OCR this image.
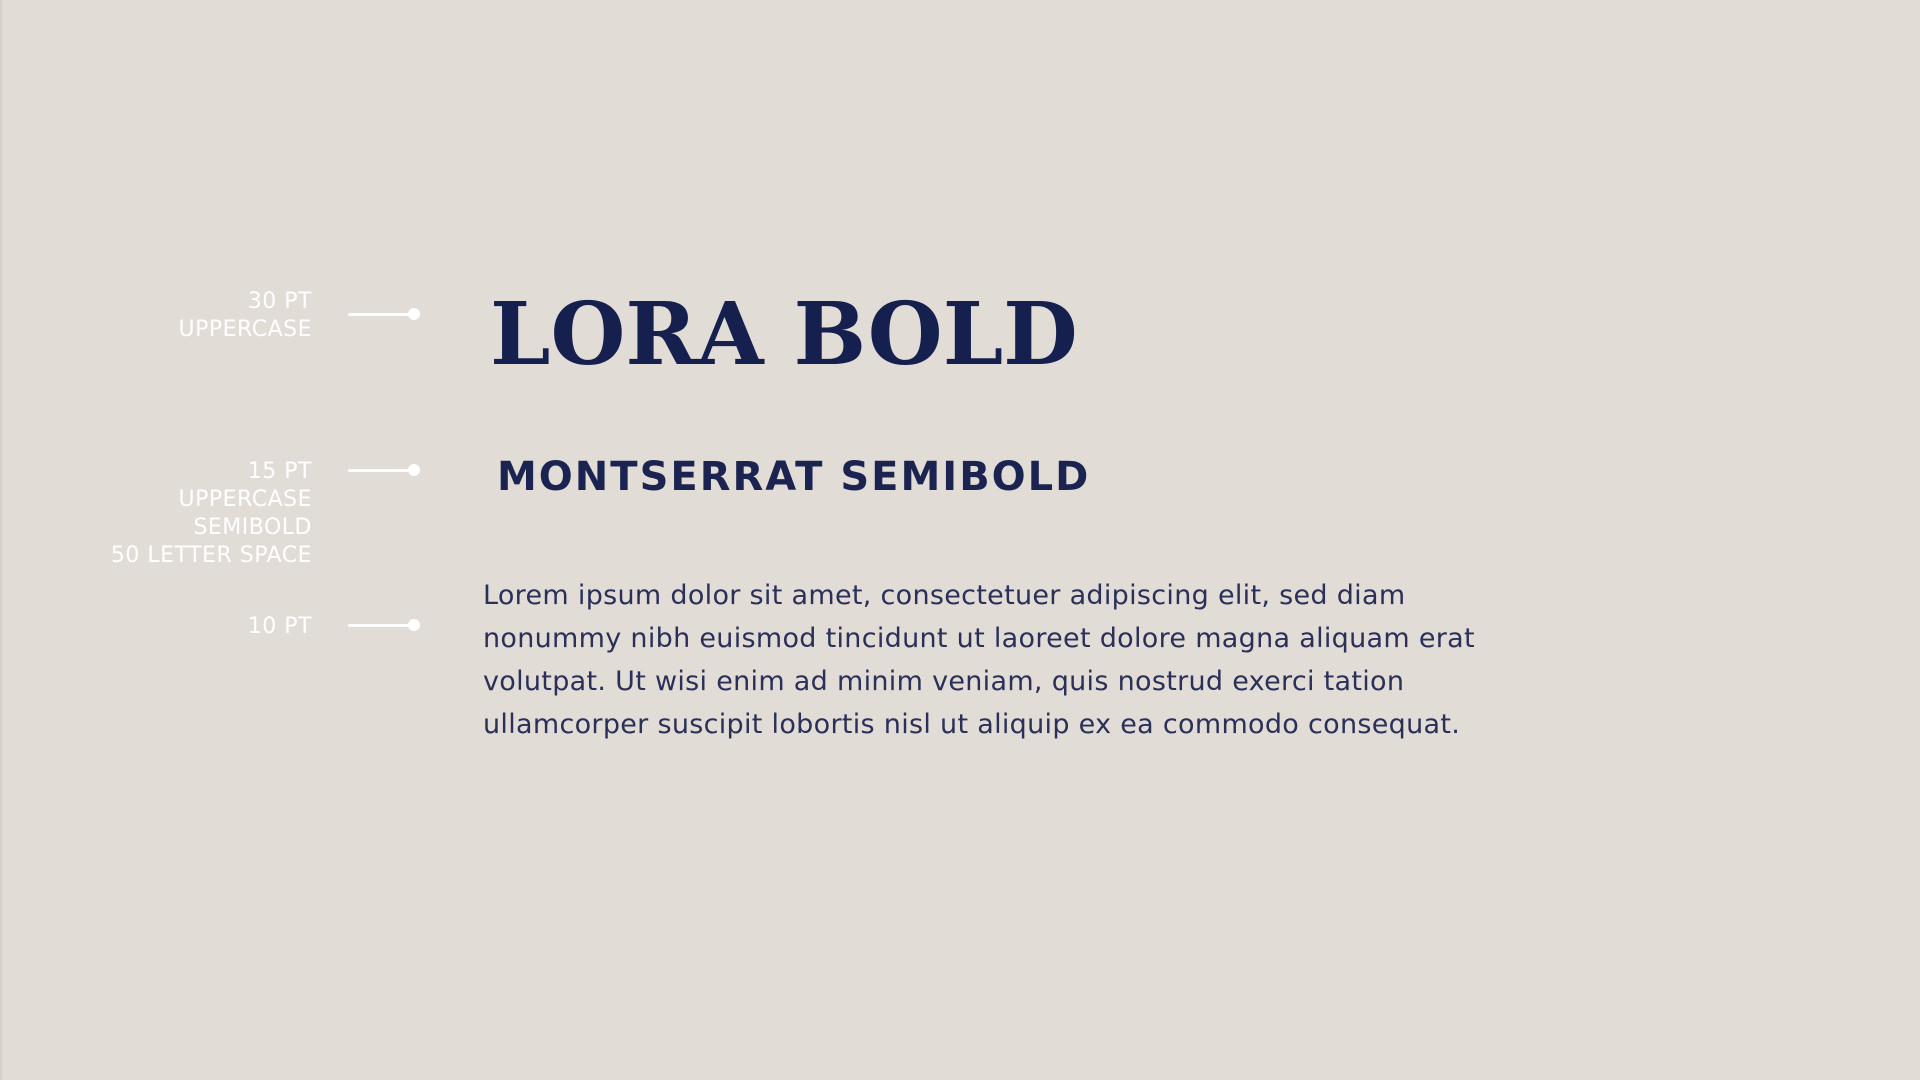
30 PT
UPPERCASE
15 PT
UPPERCASE
SEMIBOLD
50 LETTER SPACE
10 PT
LORA BOLD
MONTSERRAT SEMIBOLD

Lorem ipsum dolor sit amet, consectetuer adipiscing elit, sed diam nonummy nibh euismod tincidunt ut laoreet dolore magna aliquam erat volutpat. Ut wisi enim ad minim veniam, quis nostrud exerci tation ullamcorper suscipit lobortis nisl ut aliquip ex ea commodo consequat.
